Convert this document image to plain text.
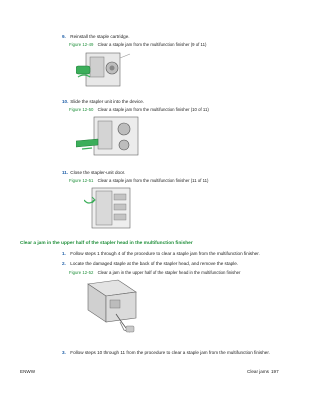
9. Reinstall the staple cartridge.
Figure 12-49 Clear a staple jam from the multifunction finisher (9 of 11)
10. Slide the stapler unit into the device.
Figure 12-50 Clear a staple jam from the multifunction finisher (10 of 11)
11. Close the stapler-unit door.
Figure 12-51 Clear a staple jam from the multifunction finisher (11 of 11)
Clear a jam in the upper half of the stapler head in the multifunction finisher
1. Follow steps 1 through 4 of the procedure to clear a staple jam from the multifunction finisher.
2. Locate the damaged staple at the back of the stapler head, and remove the staple.
Figure 12-52 Clear a jam in the upper half of the stapler head in the multifunction finisher
3. Follow steps 10 through 11 from the procedure to clear a staple jam from the multifunction finisher.
ENWW	Clear jams 197
